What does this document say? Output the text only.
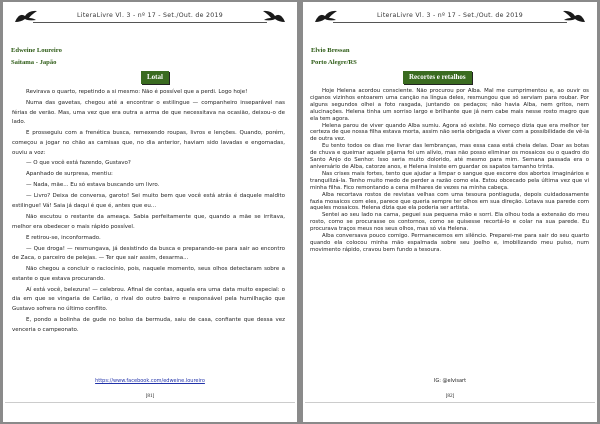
LiteraLivre Vl. 3 - nº 17 - Set./Out. de 2019
Edweine Loureiro
Saitama - Japão
Lotal

Revirava o quarto, repetindo a si mesmo: Não é possível que a perdi. Logo hoje!

Numa das gavetas, chegou até a encontrar o estilingue — companheiro inseparável nas férias de verão. Mas, uma vez que era outra a arma de que necessitava na ocasião, deixou-o de lado.

E prosseguiu com a frenética busca, remexendo roupas, livros e lenções. Quando, porém, começou a jogar no chão as camisas que, no dia anterior, haviam sido lavadas e engomadas, ouviu a voz:

— O que você está fazendo, Gustavo?

Apanhado de surpresa, mentiu:

— Nada, mãe... Eu só estava buscando um livro.

— Livro? Deixa de conversa, garoto! Sei muito bem que você está atrás é daquele maldito estilingue! Vá! Saia já daqui é que é, antes que eu...

Não escutou o restante da ameaça. Sabia perfeitamente que, quando a mãe se irritava, melhor era obedecer o mais rápido possível.

E retirou-se, inconformado.

— Que droga! — resmungava, já desistindo da busca e preparando-se para sair ao encontro de Zaca, o parceiro de pelejas. — Ter que sair assim, desarma...

Não chegou a concluir o raciocínio, pois, naquele momento, seus olhos detectaram sobre a estante o que estava procurando.

Aí está você, belezura! — celebrou. Afinal de contas, aquela era uma data muito especial: o dia em que se vingaria de Carlão, o rival do outro bairro e responsável pela humilhação que Gustavo sofrera no último conflito.

E, pondo a bolinha de gude no bolso da bermuda, saiu de casa, confiante que dessa vez venceria o campeonato.

https://www.facebook.com/edweine.loureiro
[81]
LiteraLivre Vl. 3 - nº 17 - Set./Out. de 2019
Elvio Bressan
Porto Alegre/RS
Recortes e retalhos

Hoje Helena acordou consciente. Não procurou por Alba. Mal me cumprimentou e, ao ouvir os ciganos vizinhos entoarem uma canção na língua deles, resmungou que só serviam para roubar. Por alguns segundos olhei a foto rasgada, juntando os pedaços; não havia Alba, nem gritos, nem alucinações. Helena tinha um sorriso largo e brilhante que já nem cabe mais nesse rosto magro que ela tem agora.

Helena parou de viver quando Alba sumiu. Agora só existe. No começo dizia que era melhor ter certeza de que nossa filha estava morta, assim não seria obrigada a viver com a possibilidade de vê-la de outra vez.

Eu tento todos os dias me livrar das lembranças, mas essa casa está cheia delas. Doar as botas de chuva e queimar aquele pijama foi um alívio, mas não posso eliminar os mosaicos ou o quadro do Santo Anjo do Senhor. Isso seria muito dolorido, até mesmo para mim. Semana passada era o aniversário de Alba, catorze anos, e Helena insiste em guardar os sapatos tamanho trinta.

Nas crises mais fortes, tento que ajudar a limpar o sangue que escorre dos abortos imaginários e tranquilizá-la. Tenho muito medo de perder a razão como ela. Estou obcecado pela última vez que vi minha filha. Fico remontando a cena milhares de vezes na minha cabeça.

Alba recortava rostos de revistas velhas com uma tesoura pontiaguda, depois cuidadosamente fazia mosaicos com eles, parece que queria sempre ter olhos em sua direção. Lotava sua parede com aqueles mosaicos. Helena dizia que ela poderia ser artista.

Sentei ao seu lado na cama, peguei sua pequena mão e sorri. Ela olhou toda a extensão do meu rosto, como se procurasse os contornos, como se quisesse recortá-lo e colar na sua parede. Eu procurava traços meus nos seus olhos, mas só via Helena.

Alba conversava pouco comigo. Permanecemos em silêncio. Preparei-me para sair do seu quarto quando ela colocou minha mão espalmada sobre seu joelho e, imobilizando meu pulso, num movimento rápido, cravou bem fundo a tesoura.

IG: @elvisart
[82]
